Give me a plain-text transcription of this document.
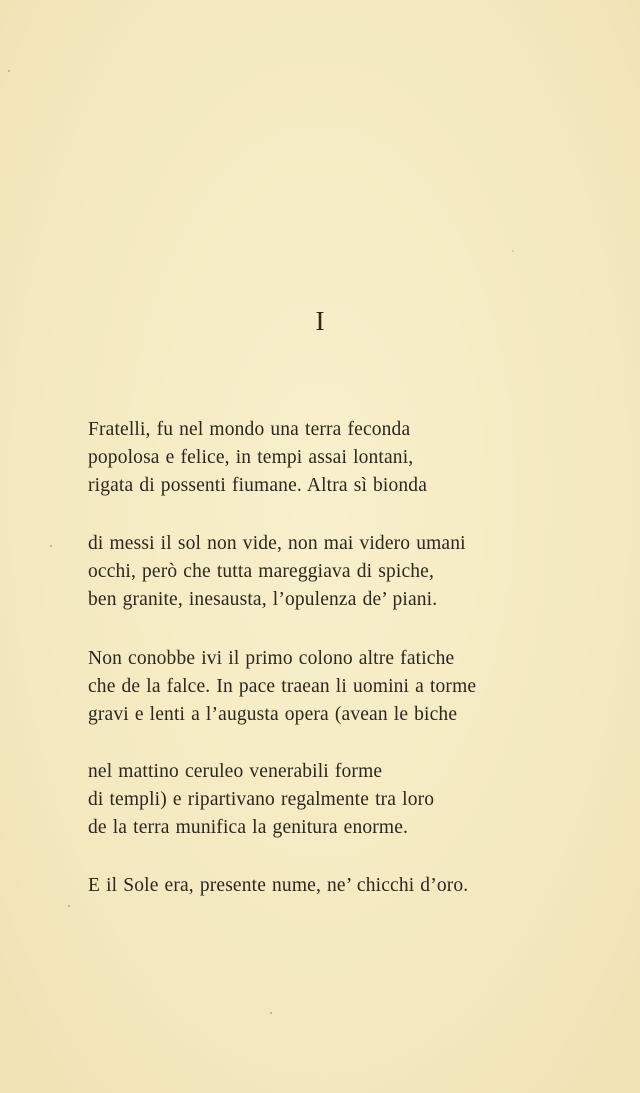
I
Fratelli, fu nel mondo una terra feconda
popolosa e felice, in tempi assai lontani,
rigata di possenti fiumane. Altra sì bionda
di messi il sol non vide, non mai videro umani
occhi, però che tutta mareggiava di spiche,
ben granite, inesausta, l’opulenza de’ piani.
Non conobbe ivi il primo colono altre fatiche
che de la falce. In pace traean li uomini a torme
gravi e lenti a l’augusta opera (avean le biche
nel mattino ceruleo venerabili forme
di templi) e ripartivano regalmente tra loro
de la terra munifica la genitura enorme.
E il Sole era, presente nume, ne’ chicchi d’oro.
